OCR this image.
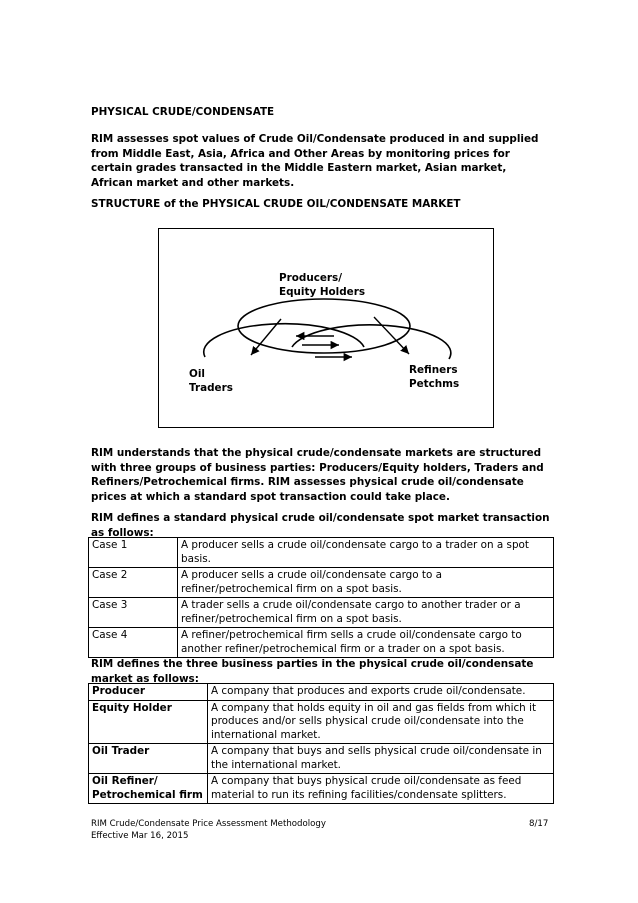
PHYSICAL CRUDE/CONDENSATE
RIM assesses spot values of Crude Oil/Condensate produced in and supplied from Middle East, Asia, Africa and Other Areas by monitoring prices for certain grades transacted in the Middle Eastern market, Asian market, African market and other markets.
STRUCTURE of the PHYSICAL CRUDE OIL/CONDENSATE MARKET
Producers/
Equity Holders
Oil
Traders
Refiners
Petchms
RIM understands that the physical crude/condensate markets are structured with three groups of business parties: Producers/Equity holders, Traders and Refiners/Petrochemical firms. RIM assesses physical crude oil/condensate prices at which a standard spot transaction could take place.
RIM defines a standard physical crude oil/condensate spot market transaction as follows:
Case 1	A producer sells a crude oil/condensate cargo to a trader on a spot basis.
Case 2	A producer sells a crude oil/condensate cargo to a refiner/petrochemical firm on a spot basis.
Case 3	A trader sells a crude oil/condensate cargo to another trader or a refiner/petrochemical firm on a spot basis.
Case 4	A refiner/petrochemical firm sells a crude oil/condensate cargo to another refiner/petrochemical firm or a trader on a spot basis.
RIM defines the three business parties in the physical crude oil/condensate market as follows:
Producer	A company that produces and exports crude oil/condensate.
Equity Holder	A company that holds equity in oil and gas fields from which it produces and/or sells physical crude oil/condensate into the international market.
Oil Trader	A company that buys and sells physical crude oil/condensate in the international market.
Oil Refiner/ Petrochemical firm	A company that buys physical crude oil/condensate as feed material to run its refining facilities/condensate splitters.
RIM Crude/Condensate Price Assessment Methodology
Effective Mar 16, 2015
8/17
